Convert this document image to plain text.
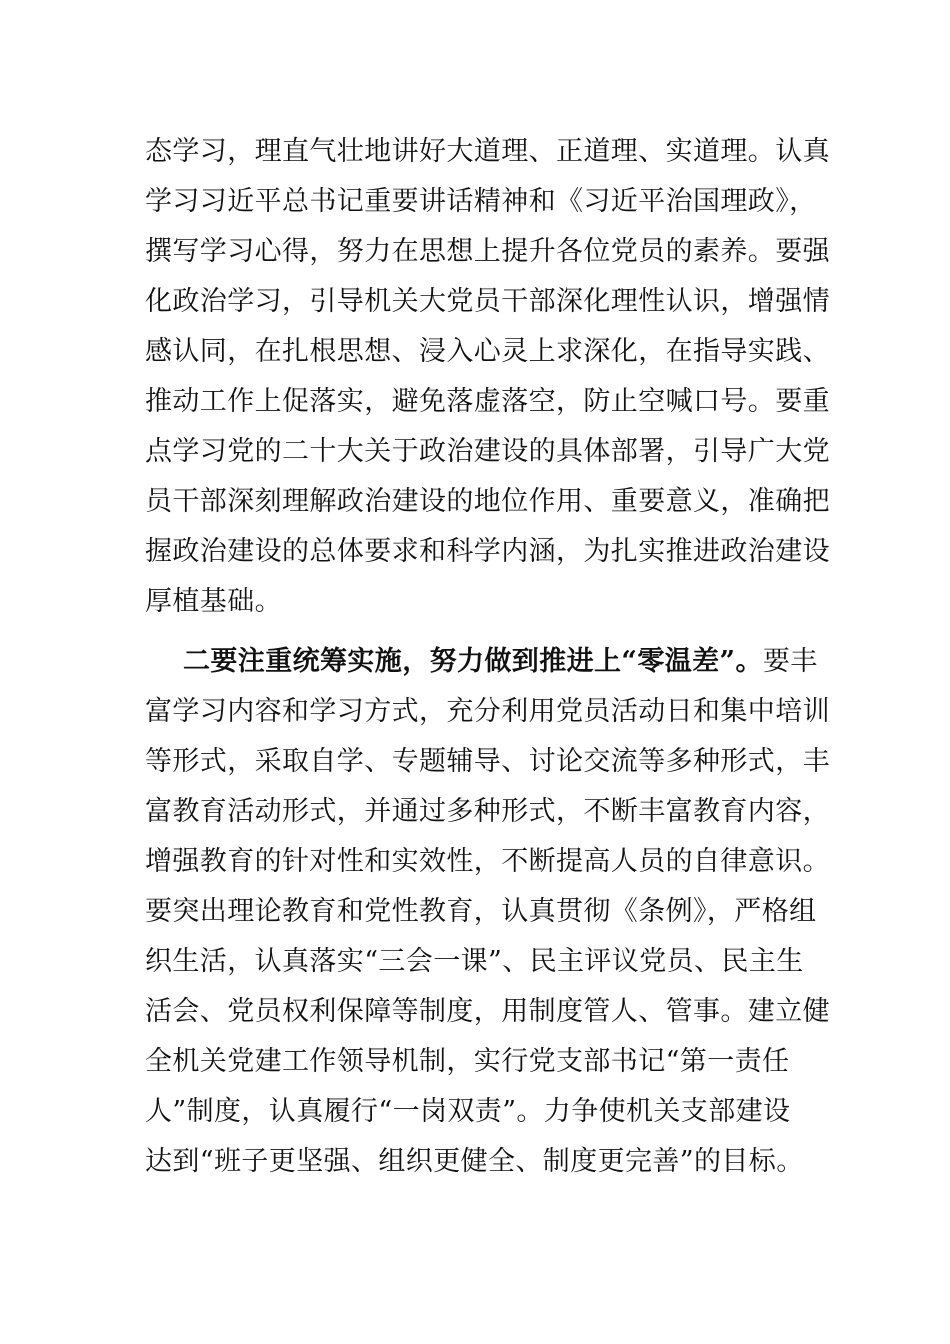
态学习，理直气壮地讲好大道理、正道理、实道理。认真
学习习近平总书记重要讲话精神和《习近平治国理政》，
撰写学习心得，努力在思想上提升各位党员的素养。要强
化政治学习，引导机关大党员干部深化理性认识，增强情
感认同，在扎根思想、浸入心灵上求深化，在指导实践、
推动工作上促落实，避免落虚落空，防止空喊口号。要重
点学习党的二十大关于政治建设的具体部署，引导广大党
员干部深刻理解政治建设的地位作用、重要意义，准确把
握政治建设的总体要求和科学内涵，为扎实推进政治建设
厚植基础。
二要注重统筹实施，努力做到推进上“零温差”。要丰
富学习内容和学习方式，充分利用党员活动日和集中培训
等形式，采取自学、专题辅导、讨论交流等多种形式，丰
富教育活动形式，并通过多种形式，不断丰富教育内容，
增强教育的针对性和实效性，不断提高人员的自律意识。
要突出理论教育和党性教育，认真贯彻《条例》，严格组
织生活，认真落实“三会一课”、民主评议党员、民主生
活会、党员权利保障等制度，用制度管人、管事。建立健
全机关党建工作领导机制，实行党支部书记“第一责任
人”制度，认真履行“一岗双责”。力争使机关支部建设
达到“班子更坚强、组织更健全、制度更完善”的目标。
